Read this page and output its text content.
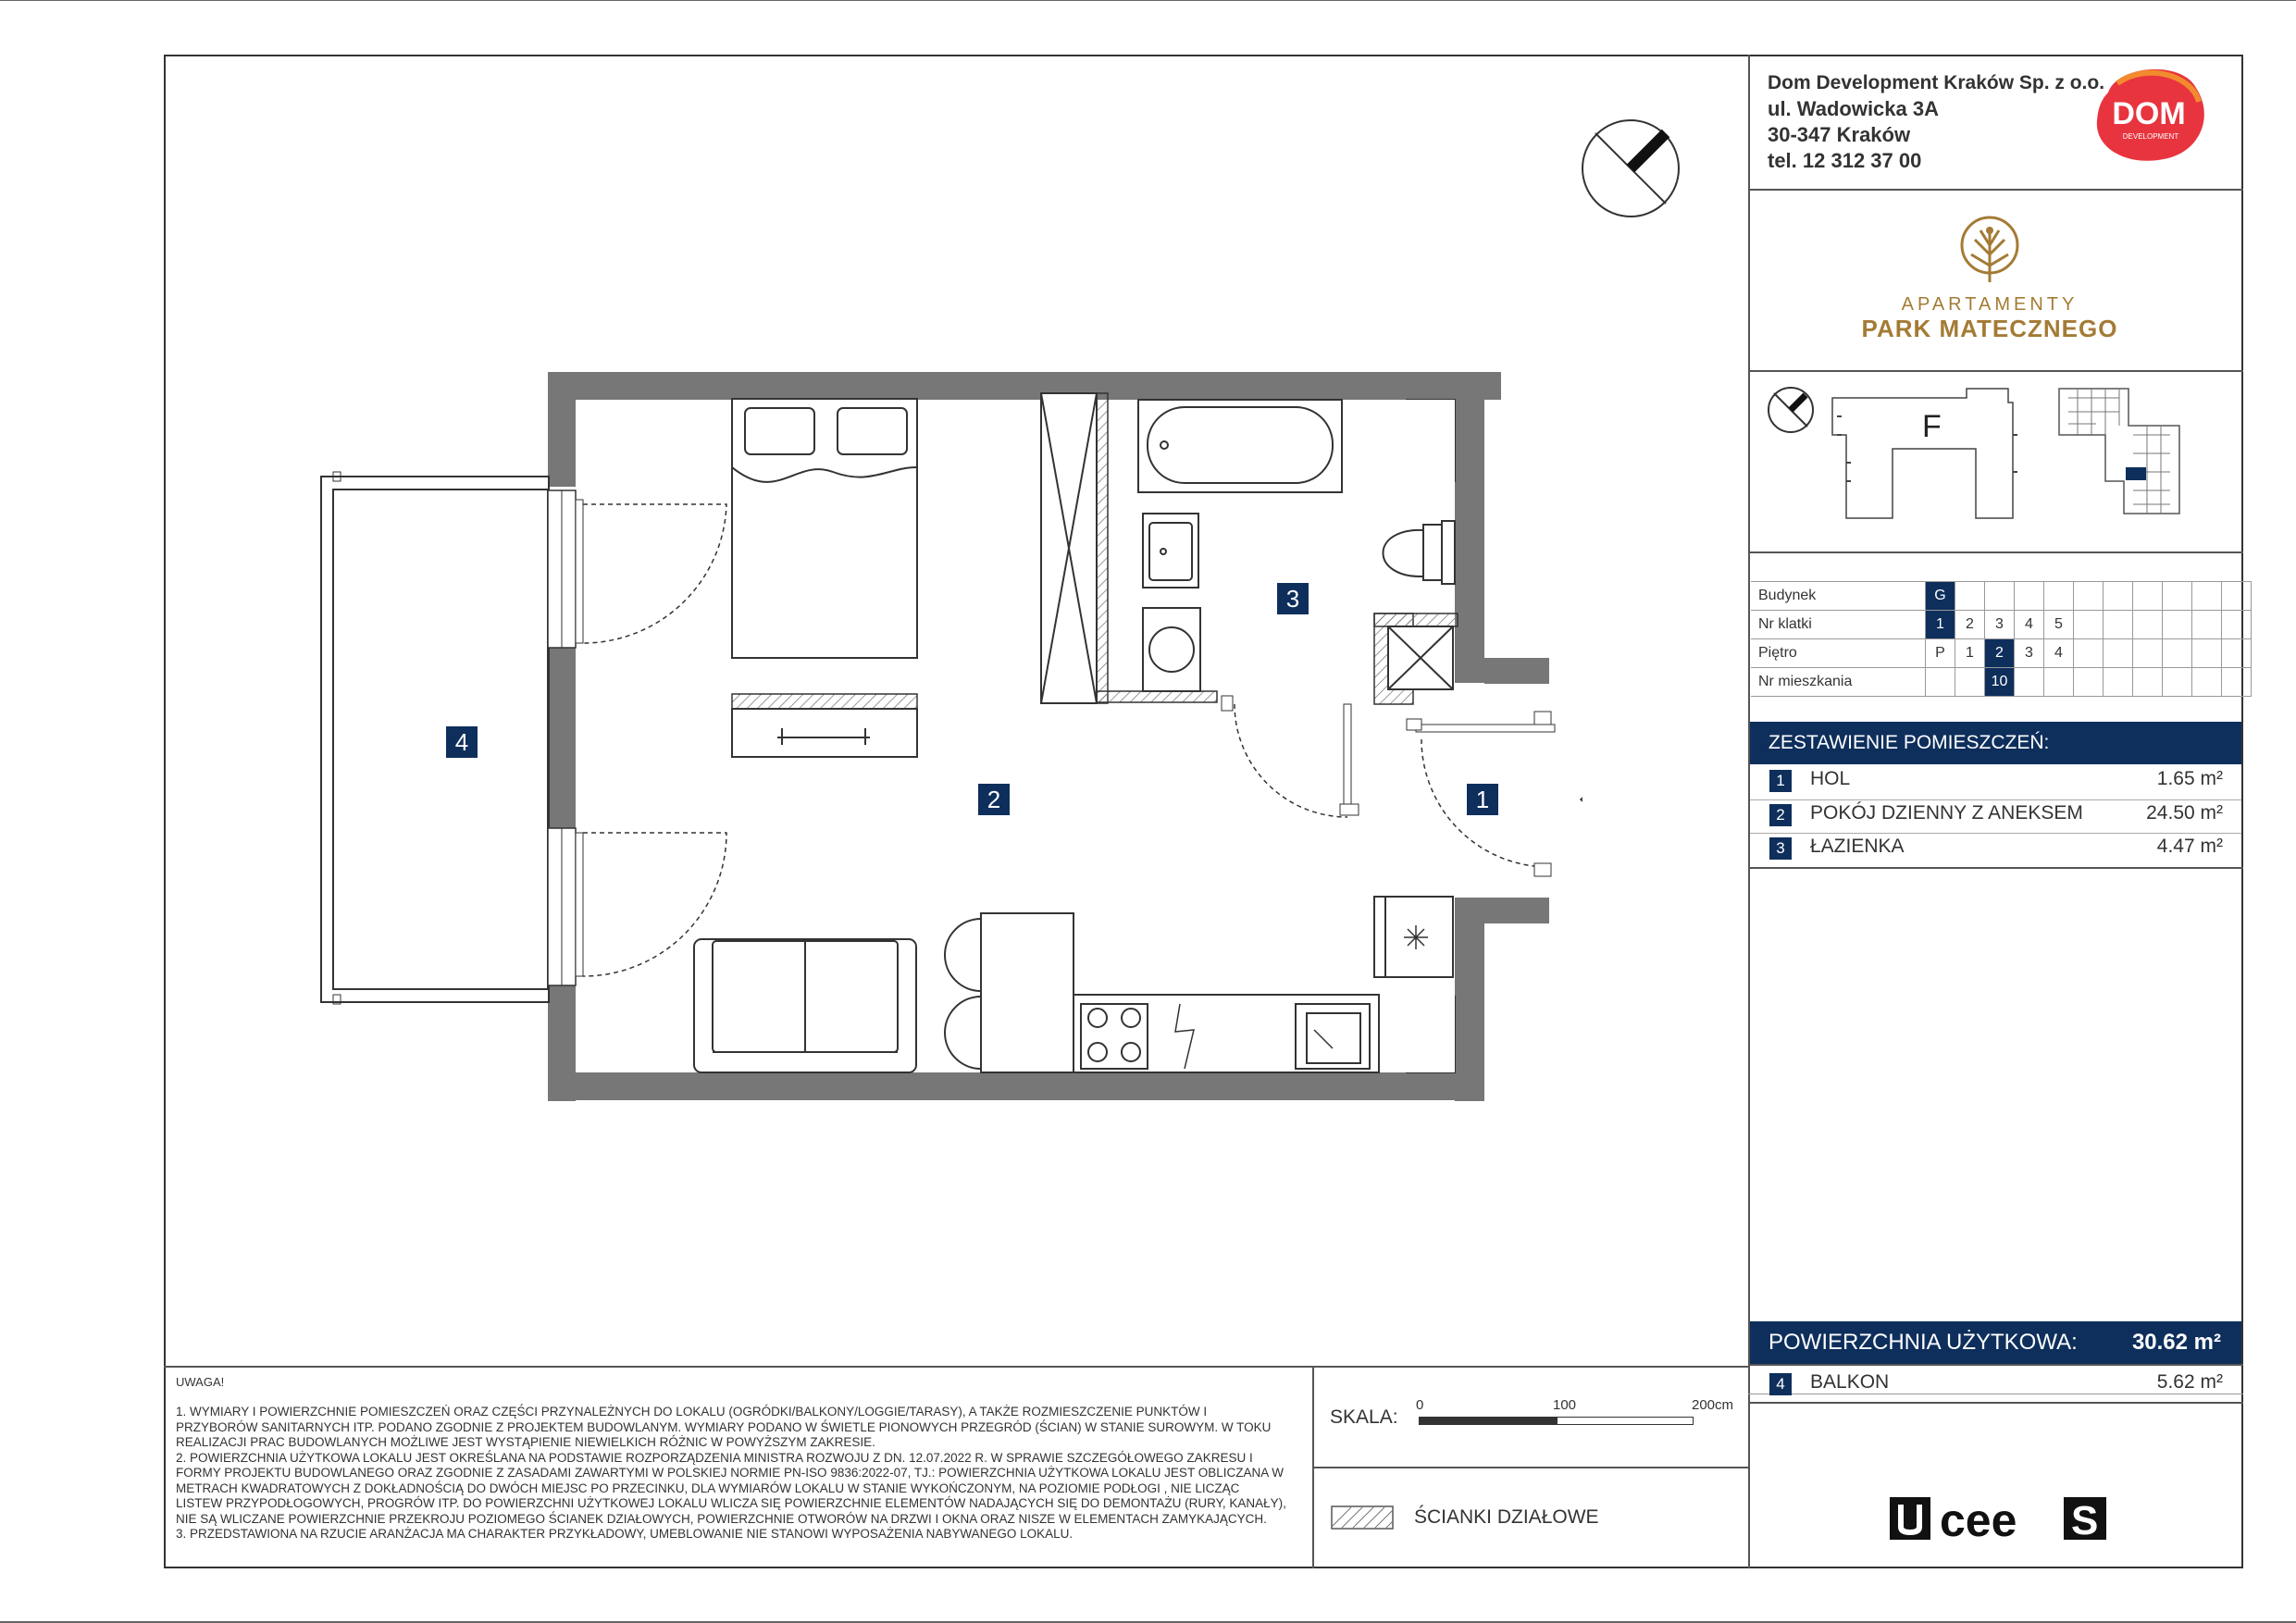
Dom Development Kraków Sp. z o.o.
ul. Wadowicka 3A
30-347 Kraków
tel. 12 312 37 00
DOM
DEVELOPMENT
APARTAMENTY
PARK MATECZNEGO
F
Budynek	G										
Nr klatki	1	2	3	4	5						
Piętro	P	1	2	3	4						
Nr mieszkania			10								
ZESTAWIENIE POMIESZCZEŃ:
1	HOL	1.65 m²
2	POKÓJ DZIENNY Z ANEKSEM	24.50 m²
3	ŁAZIENKA	4.47 m²
POWIERZCHNIA UŻYTKOWA: 30.62 m²
4	BALKON	5.62 m²
UWAGA!

1. WYMIARY I POWIERZCHNIE POMIESZCZEŃ ORAZ CZĘŚCI PRZYNALEŻNYCH DO LOKALU (OGRÓDKI/BALKONY/LOGGIE/TARASY), A TAKŻE ROZMIESZCZENIE PUNKTÓW I PRZYBORÓW SANITARNYCH ITP. PODANO ZGODNIE Z PROJEKTEM BUDOWLANYM. WYMIARY PODANO W ŚWIETLE PIONOWYCH PRZEGRÓD (ŚCIAN) W STANIE SUROWYM. W TOKU REALIZACJI PRAC BUDOWLANYCH MOŻLIWE JEST WYSTĄPIENIE NIEWIELKICH RÓŻNIC W POWYŻSZYM ZAKRESIE.

2. POWIERZCHNIA UŻYTKOWA LOKALU JEST OKREŚLANA NA PODSTAWIE ROZPORZĄDZENIA MINISTRA ROZWOJU Z DN. 12.07.2022 R. W SPRAWIE SZCZEGÓŁOWEGO ZAKRESU I FORMY PROJEKTU BUDOWLANEGO ORAZ ZGODNIE Z ZASADAMI ZAWARTYMI W POLSKIEJ NORMIE PN-ISO 9836:2022-07, TJ.: POWIERZCHNIA UŻYTKOWA LOKALU JEST OBLICZANA W METRACH KWADRATOWYCH Z DOKŁADNOŚCIĄ DO DWÓCH MIEJSC PO PRZECINKU, DLA WYMIARÓW LOKALU W STANIE WYKOŃCZONYM, NA POZIOMIE PODŁOGI , NIE LICZĄC LISTEW PRZYPODŁOGOWYCH, PROGRÓW ITP. DO POWIERZCHNI UŻYTKOWEJ LOKALU WLICZA SIĘ POWIERZCHNIE ELEMENTÓW NADAJĄCYCH SIĘ DO DEMONTAŻU (RURY, KANAŁY), NIE SĄ WLICZANE POWIERZCHNIE PRZEKROJU POZIOMEGO ŚCIANEK DZIAŁOWYCH, POWIERZCHNIE OTWORÓW NA DRZWI I OKNA ORAZ NISZE W ELEMENTACH ZAMYKAJĄCYCH.

3. PRZEDSTAWIONA NA RZUCIE ARANŻACJA MA CHARAKTER PRZYKŁADOWY, UMEBLOWANIE NIE STANOWI WYPOSAŻENIA NABYWANEGO LOKALU.

SKALA:
0	100	200cm
ŚCIANKI DZIAŁOWE	cee S
1
2
3
4
